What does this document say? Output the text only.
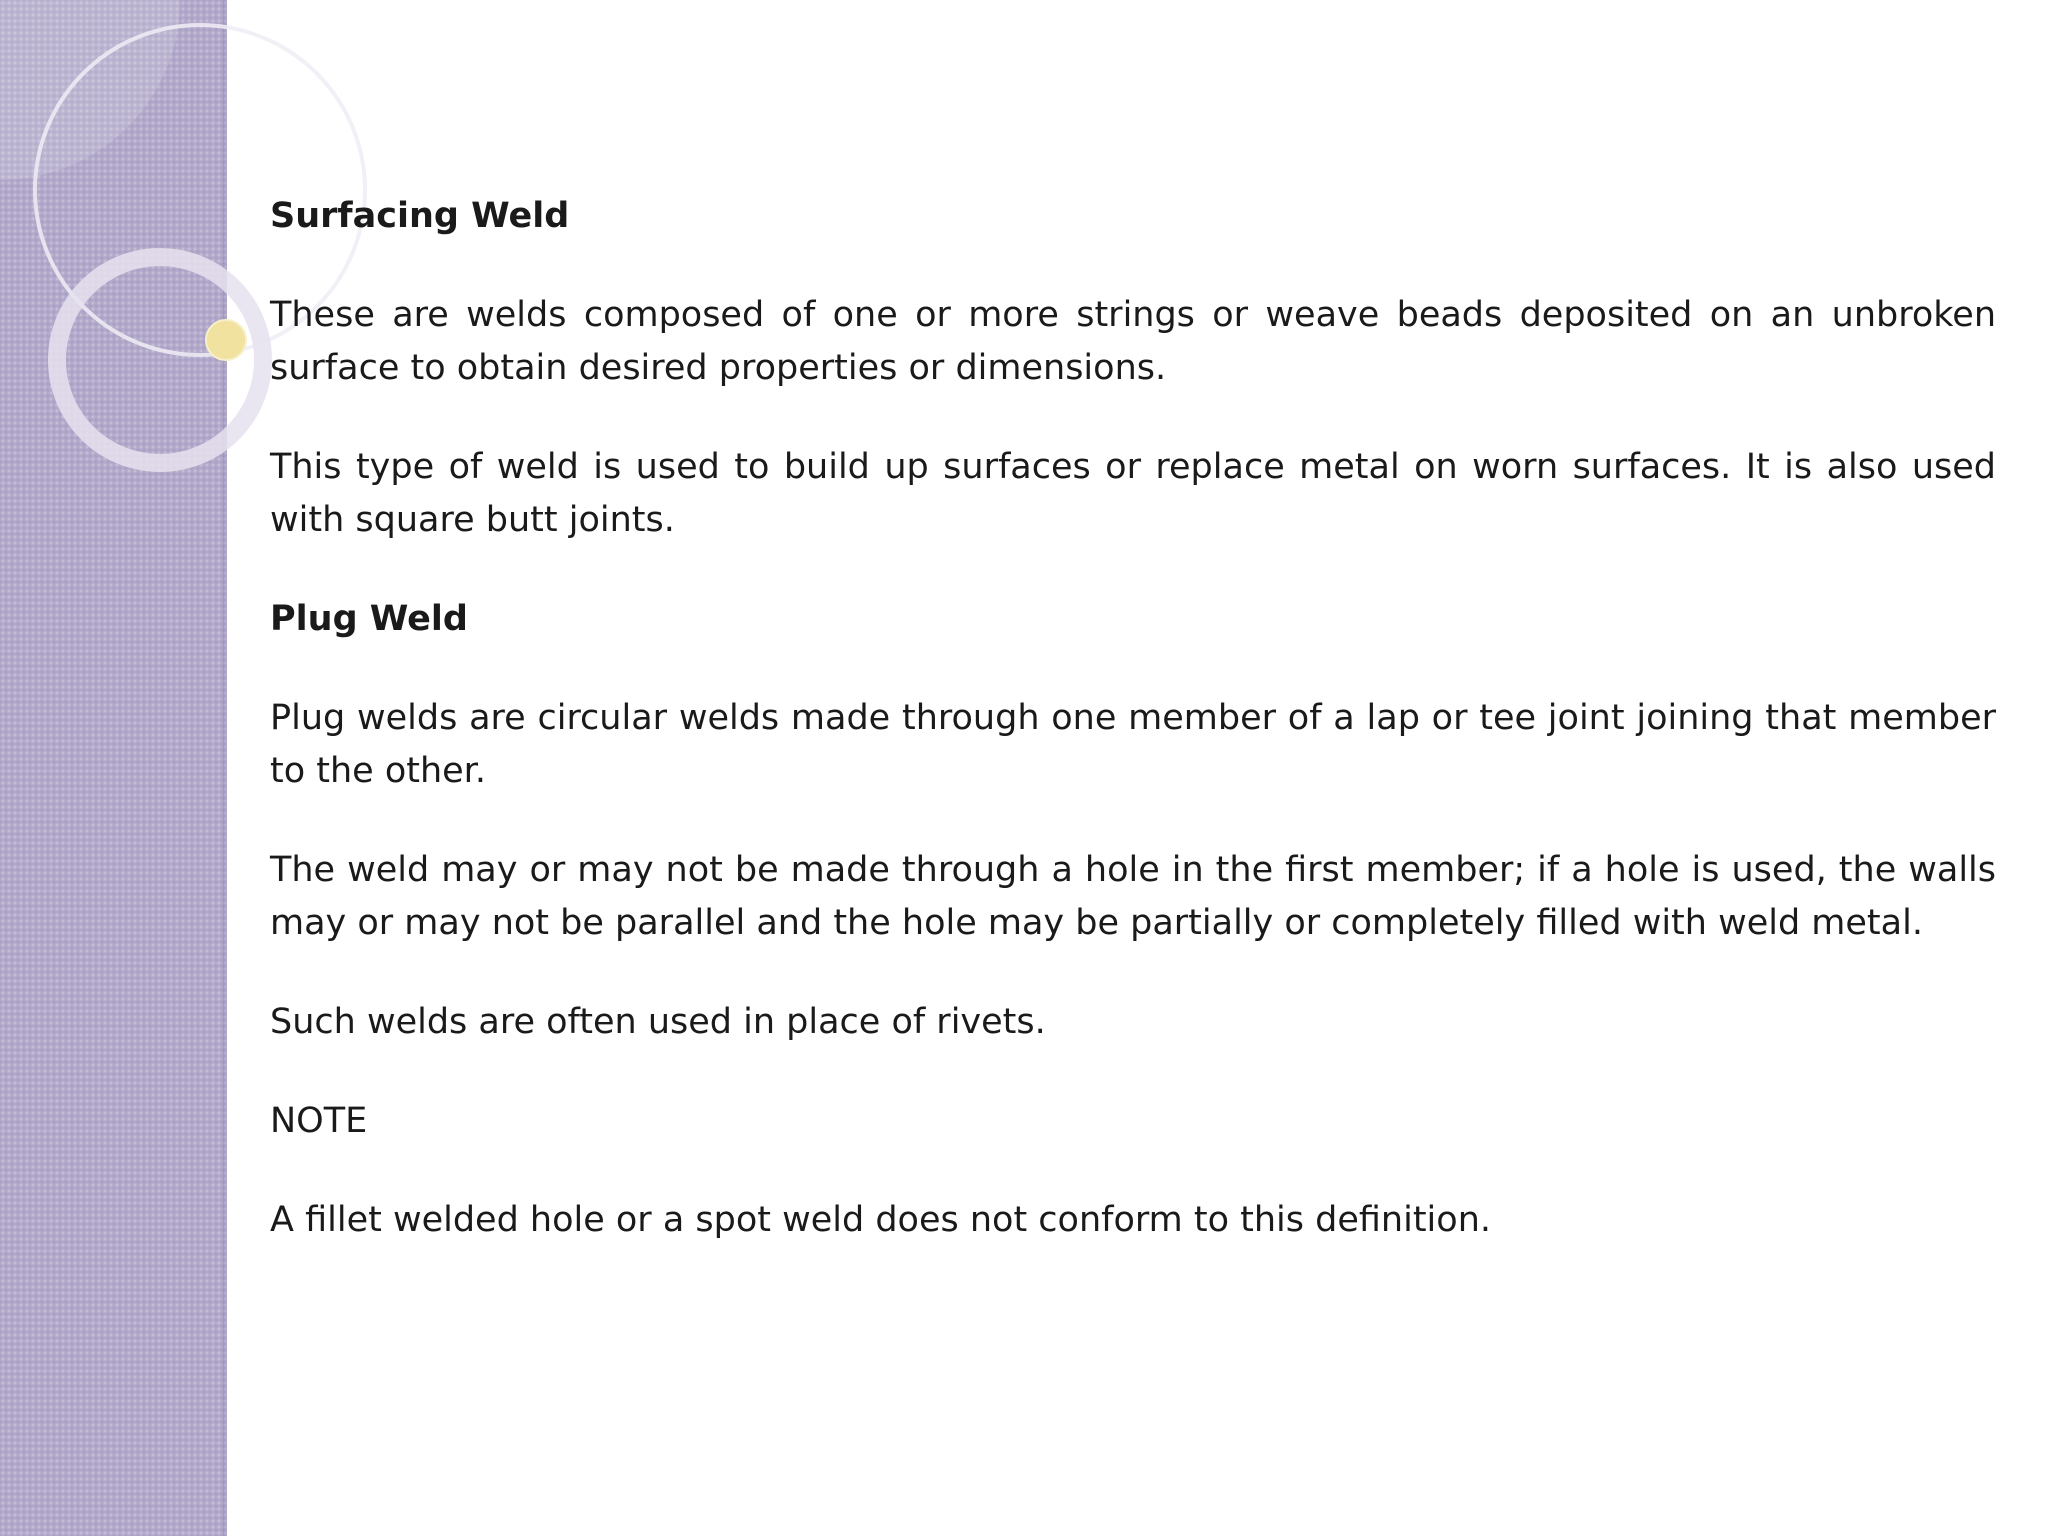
Surfacing Weld

These are welds composed of one or more strings or weave beads deposited on an unbroken surface to obtain desired properties or dimensions.

This type of weld is used to build up surfaces or replace metal on worn surfaces. It is also used with square butt joints.

Plug Weld

Plug welds are circular welds made through one member of a lap or tee joint joining that member to the other.

The weld may or may not be made through a hole in the first member; if a hole is used, the walls may or may not be parallel and the hole may be partially or completely filled with weld metal.

Such welds are often used in place of rivets.

NOTE

A fillet welded hole or a spot weld does not conform to this definition.
